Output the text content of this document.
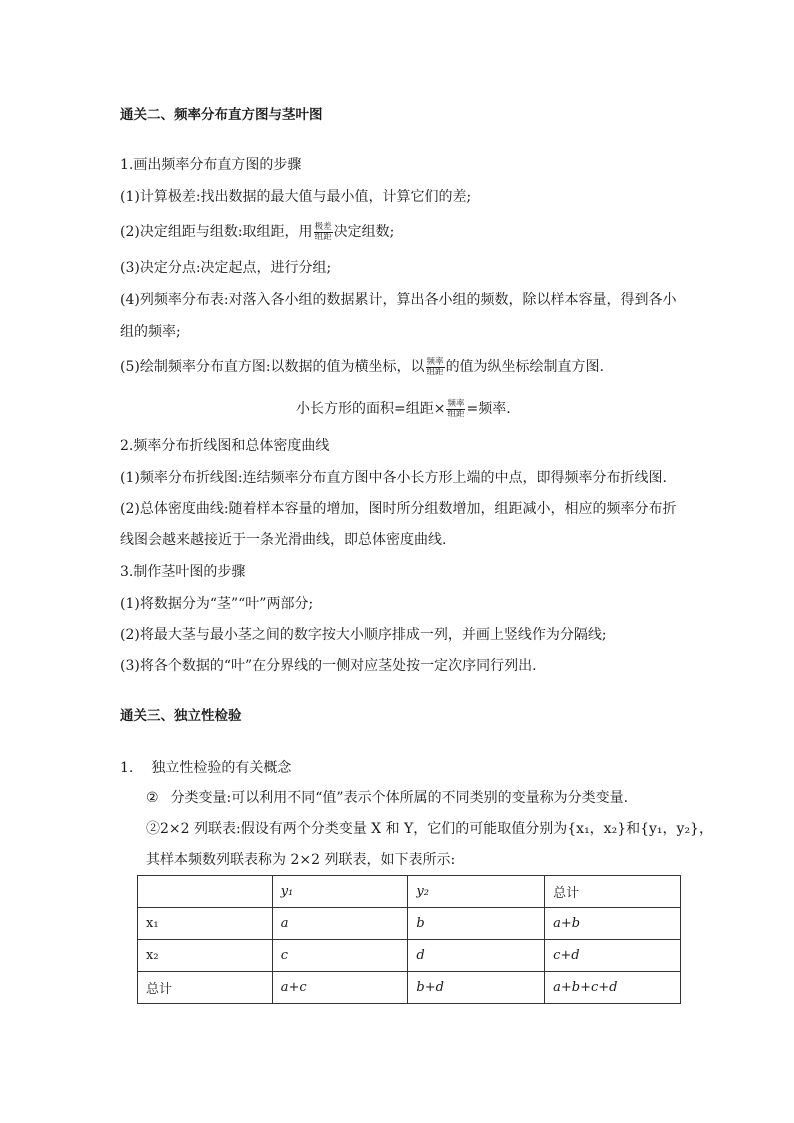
通关二、频率分布直方图与茎叶图
1.画出频率分布直方图的步骤
(1)计算极差:找出数据的最大值与最小值，计算它们的差;
(2)决定组距与组数:取组距，用 $\frac{\text{极差}}{\text{组距}}$ 决定组数;
(3)决定分点:决定起点，进行分组;
(4)列频率分布表:对落入各小组的数据累计，算出各小组的频数，除以样本容量，得到各小
组的频率;
(5)绘制频率分布直方图:以数据的值为横坐标，以 $\frac{\text{频率}}{\text{组距}}$ 的值为纵坐标绘制直方图.
小长方形的面积=组距× $\frac{\text{频率}}{\text{组距}}$ =频率.
2.频率分布折线图和总体密度曲线
(1)频率分布折线图:连结频率分布直方图中各小长方形上端的中点，即得频率分布折线图.
(2)总体密度曲线:随着样本容量的增加，图时所分组数增加，组距减小，相应的频率分布折
线图会越来越接近于一条光滑曲线，即总体密度曲线.
3.制作茎叶图的步骤
(1)将数据分为“茎”“叶”两部分;
(2)将最大茎与最小茎之间的数字按大小顺序排成一列，并画上竖线作为分隔线;
(3)将各个数据的“叶”在分界线的一侧对应茎处按一定次序同行列出.
通关三、独立性检验
1. 独立性检验的有关概念
② 分类变量:可以利用不同“值”表示个体所属的不同类别的变量称为分类变量.
②2×2 列联表:假设有两个分类变量 X 和 Y，它们的可能取值分别为{x₁，x₂}和{y₁，y₂}，
其样本频数列联表称为 2×2 列联表，如下表所示:
	y₁	y₂	总计
x₁	a	b	a+b
x₂	c	d	c+d
总计	a+c	b+d	a+b+c+d
